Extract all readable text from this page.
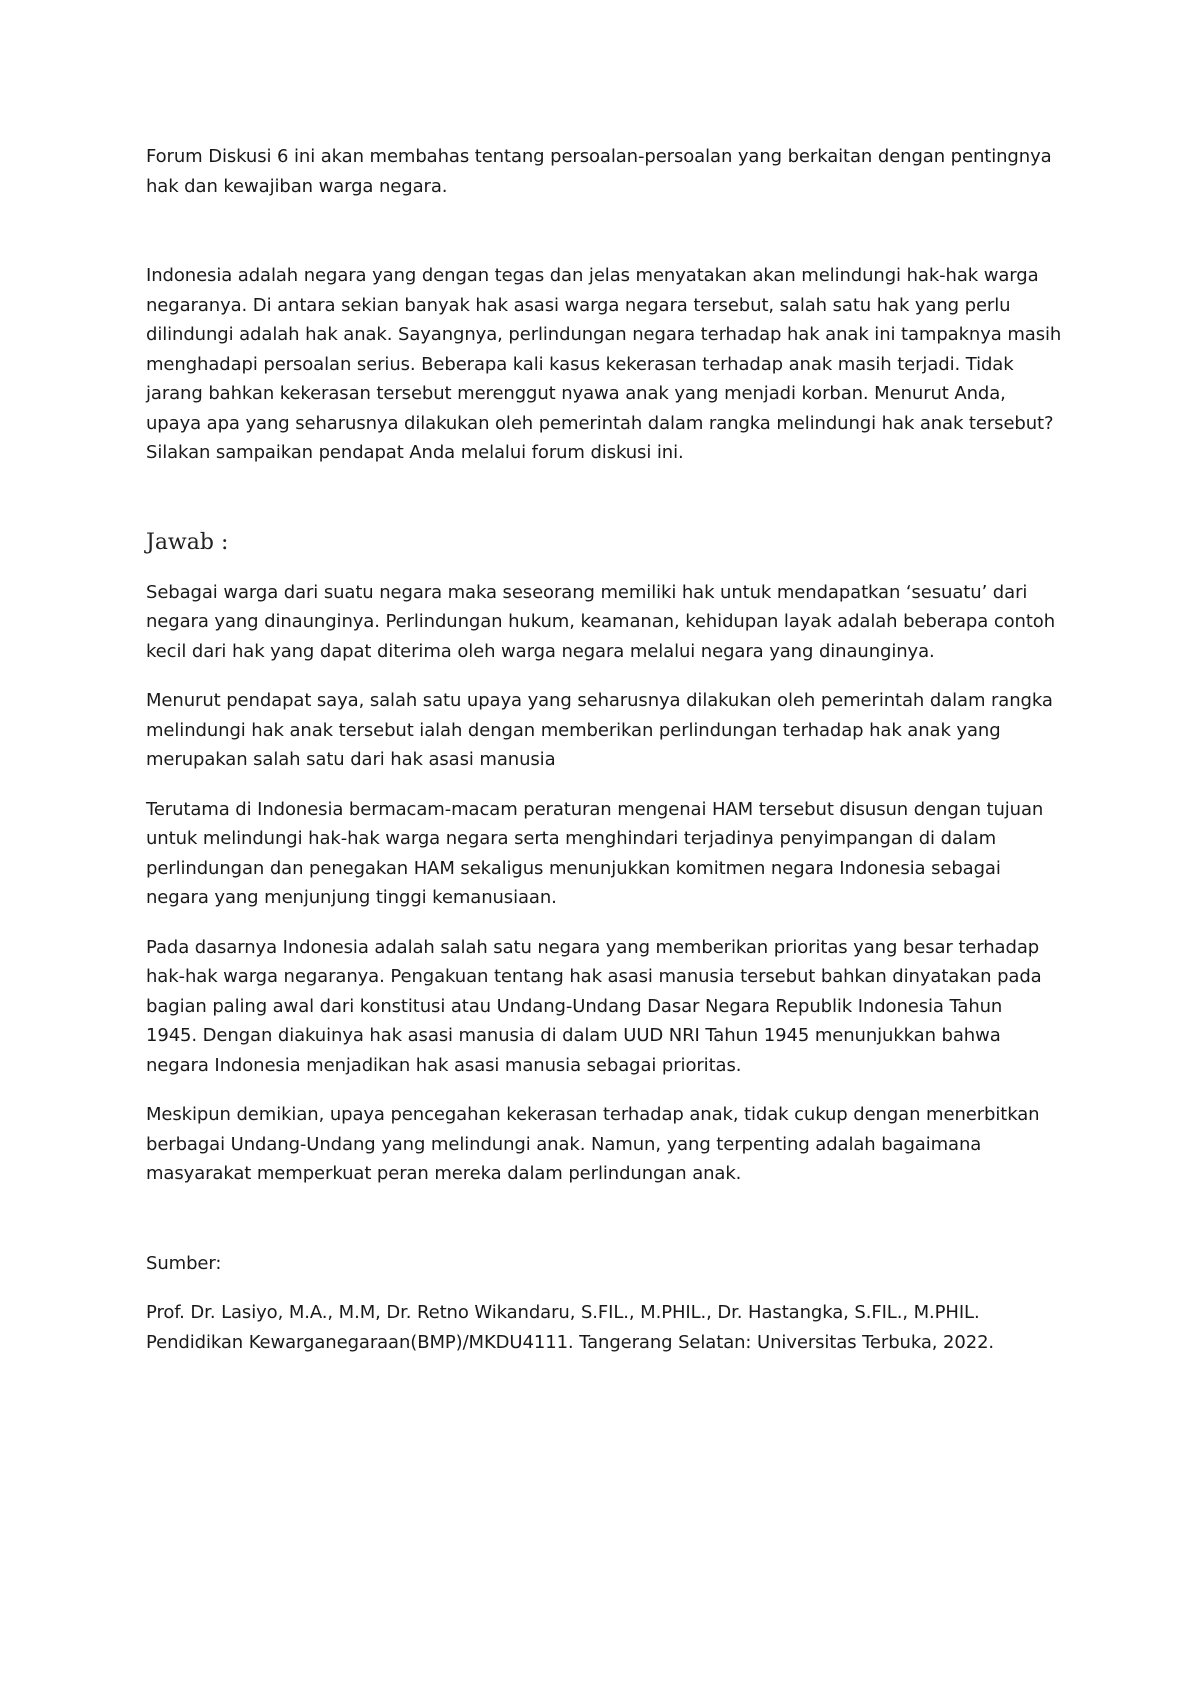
Forum Diskusi 6 ini akan membahas tentang persoalan-persoalan yang berkaitan dengan pentingnya
hak dan kewajiban warga negara.
Indonesia adalah negara yang dengan tegas dan jelas menyatakan akan melindungi hak-hak warga
negaranya. Di antara sekian banyak hak asasi warga negara tersebut, salah satu hak yang perlu
dilindungi adalah hak anak. Sayangnya, perlindungan negara terhadap hak anak ini tampaknya masih
menghadapi persoalan serius. Beberapa kali kasus kekerasan terhadap anak masih terjadi. Tidak
jarang bahkan kekerasan tersebut merenggut nyawa anak yang menjadi korban. Menurut Anda,
upaya apa yang seharusnya dilakukan oleh pemerintah dalam rangka melindungi hak anak tersebut?
Silakan sampaikan pendapat Anda melalui forum diskusi ini.

Jawab :

Sebagai warga dari suatu negara maka seseorang memiliki hak untuk mendapatkan ‘sesuatu’ dari
negara yang dinaunginya. Perlindungan hukum, keamanan, kehidupan layak adalah beberapa contoh
kecil dari hak yang dapat diterima oleh warga negara melalui negara yang dinaunginya.
Menurut pendapat saya, salah satu upaya yang seharusnya dilakukan oleh pemerintah dalam rangka
melindungi hak anak tersebut ialah dengan memberikan perlindungan terhadap hak anak yang
merupakan salah satu dari hak asasi manusia
Terutama di Indonesia bermacam-macam peraturan mengenai HAM tersebut disusun dengan tujuan
untuk melindungi hak-hak warga negara serta menghindari terjadinya penyimpangan di dalam
perlindungan dan penegakan HAM sekaligus menunjukkan komitmen negara Indonesia sebagai
negara yang menjunjung tinggi kemanusiaan.
Pada dasarnya Indonesia adalah salah satu negara yang memberikan prioritas yang besar terhadap
hak-hak warga negaranya. Pengakuan tentang hak asasi manusia tersebut bahkan dinyatakan pada
bagian paling awal dari konstitusi atau Undang-Undang Dasar Negara Republik Indonesia Tahun
1945. Dengan diakuinya hak asasi manusia di dalam UUD NRI Tahun 1945 menunjukkan bahwa
negara Indonesia menjadikan hak asasi manusia sebagai prioritas.
Meskipun demikian, upaya pencegahan kekerasan terhadap anak, tidak cukup dengan menerbitkan
berbagai Undang-Undang yang melindungi anak. Namun, yang terpenting adalah bagaimana
masyarakat memperkuat peran mereka dalam perlindungan anak.

Sumber:

Prof. Dr. Lasiyo, M.A., M.M, Dr. Retno Wikandaru, S.FIL., M.PHIL., Dr. Hastangka, S.FIL., M.PHIL.
Pendidikan Kewarganegaraan(BMP)/MKDU4111. Tangerang Selatan: Universitas Terbuka, 2022.
